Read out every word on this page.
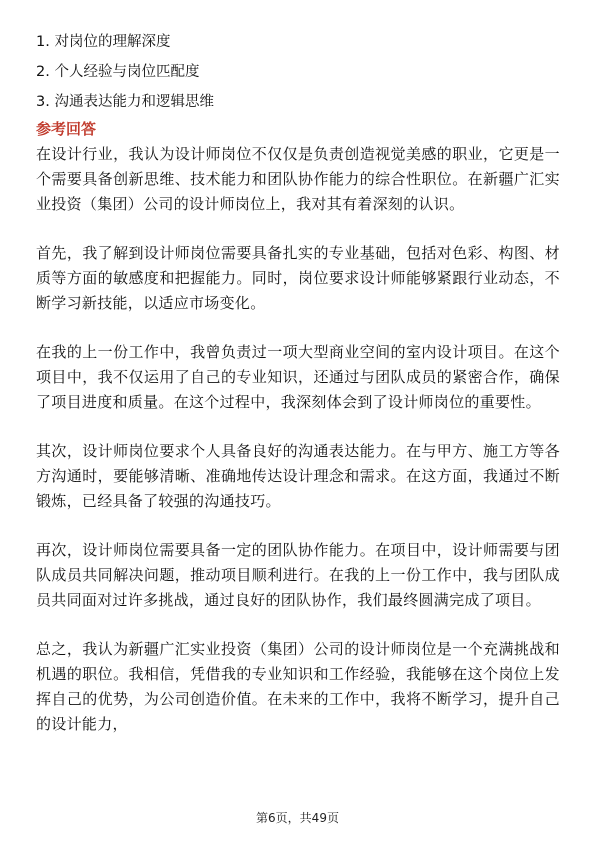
1. 对岗位的理解深度
2. 个人经验与岗位匹配度
3. 沟通表达能力和逻辑思维
参考回答

在设计行业，我认为设计师岗位不仅仅是负责创造视觉美感的职业，它更是一个需要具备创新思维、技术能力和团队协作能力的综合性职位。在新疆广汇实业投资（集团）公司的设计师岗位上，我对其有着深刻的认识。

首先，我了解到设计师岗位需要具备扎实的专业基础，包括对色彩、构图、材质等方面的敏感度和把握能力。同时，岗位要求设计师能够紧跟行业动态，不断学习新技能，以适应市场变化。

在我的上一份工作中，我曾负责过一项大型商业空间的室内设计项目。在这个项目中，我不仅运用了自己的专业知识，还通过与团队成员的紧密合作，确保了项目进度和质量。在这个过程中，我深刻体会到了设计师岗位的重要性。

其次，设计师岗位要求个人具备良好的沟通表达能力。在与甲方、施工方等各方沟通时，要能够清晰、准确地传达设计理念和需求。在这方面，我通过不断锻炼，已经具备了较强的沟通技巧。

再次，设计师岗位需要具备一定的团队协作能力。在项目中，设计师需要与团队成员共同解决问题，推动项目顺利进行。在我的上一份工作中，我与团队成员共同面对过许多挑战，通过良好的团队协作，我们最终圆满完成了项目。

总之，我认为新疆广汇实业投资（集团）公司的设计师岗位是一个充满挑战和机遇的职位。我相信，凭借我的专业知识和工作经验，我能够在这个岗位上发挥自己的优势，为公司创造价值。在未来的工作中，我将不断学习，提升自己的设计能力，

第6页，共49页
